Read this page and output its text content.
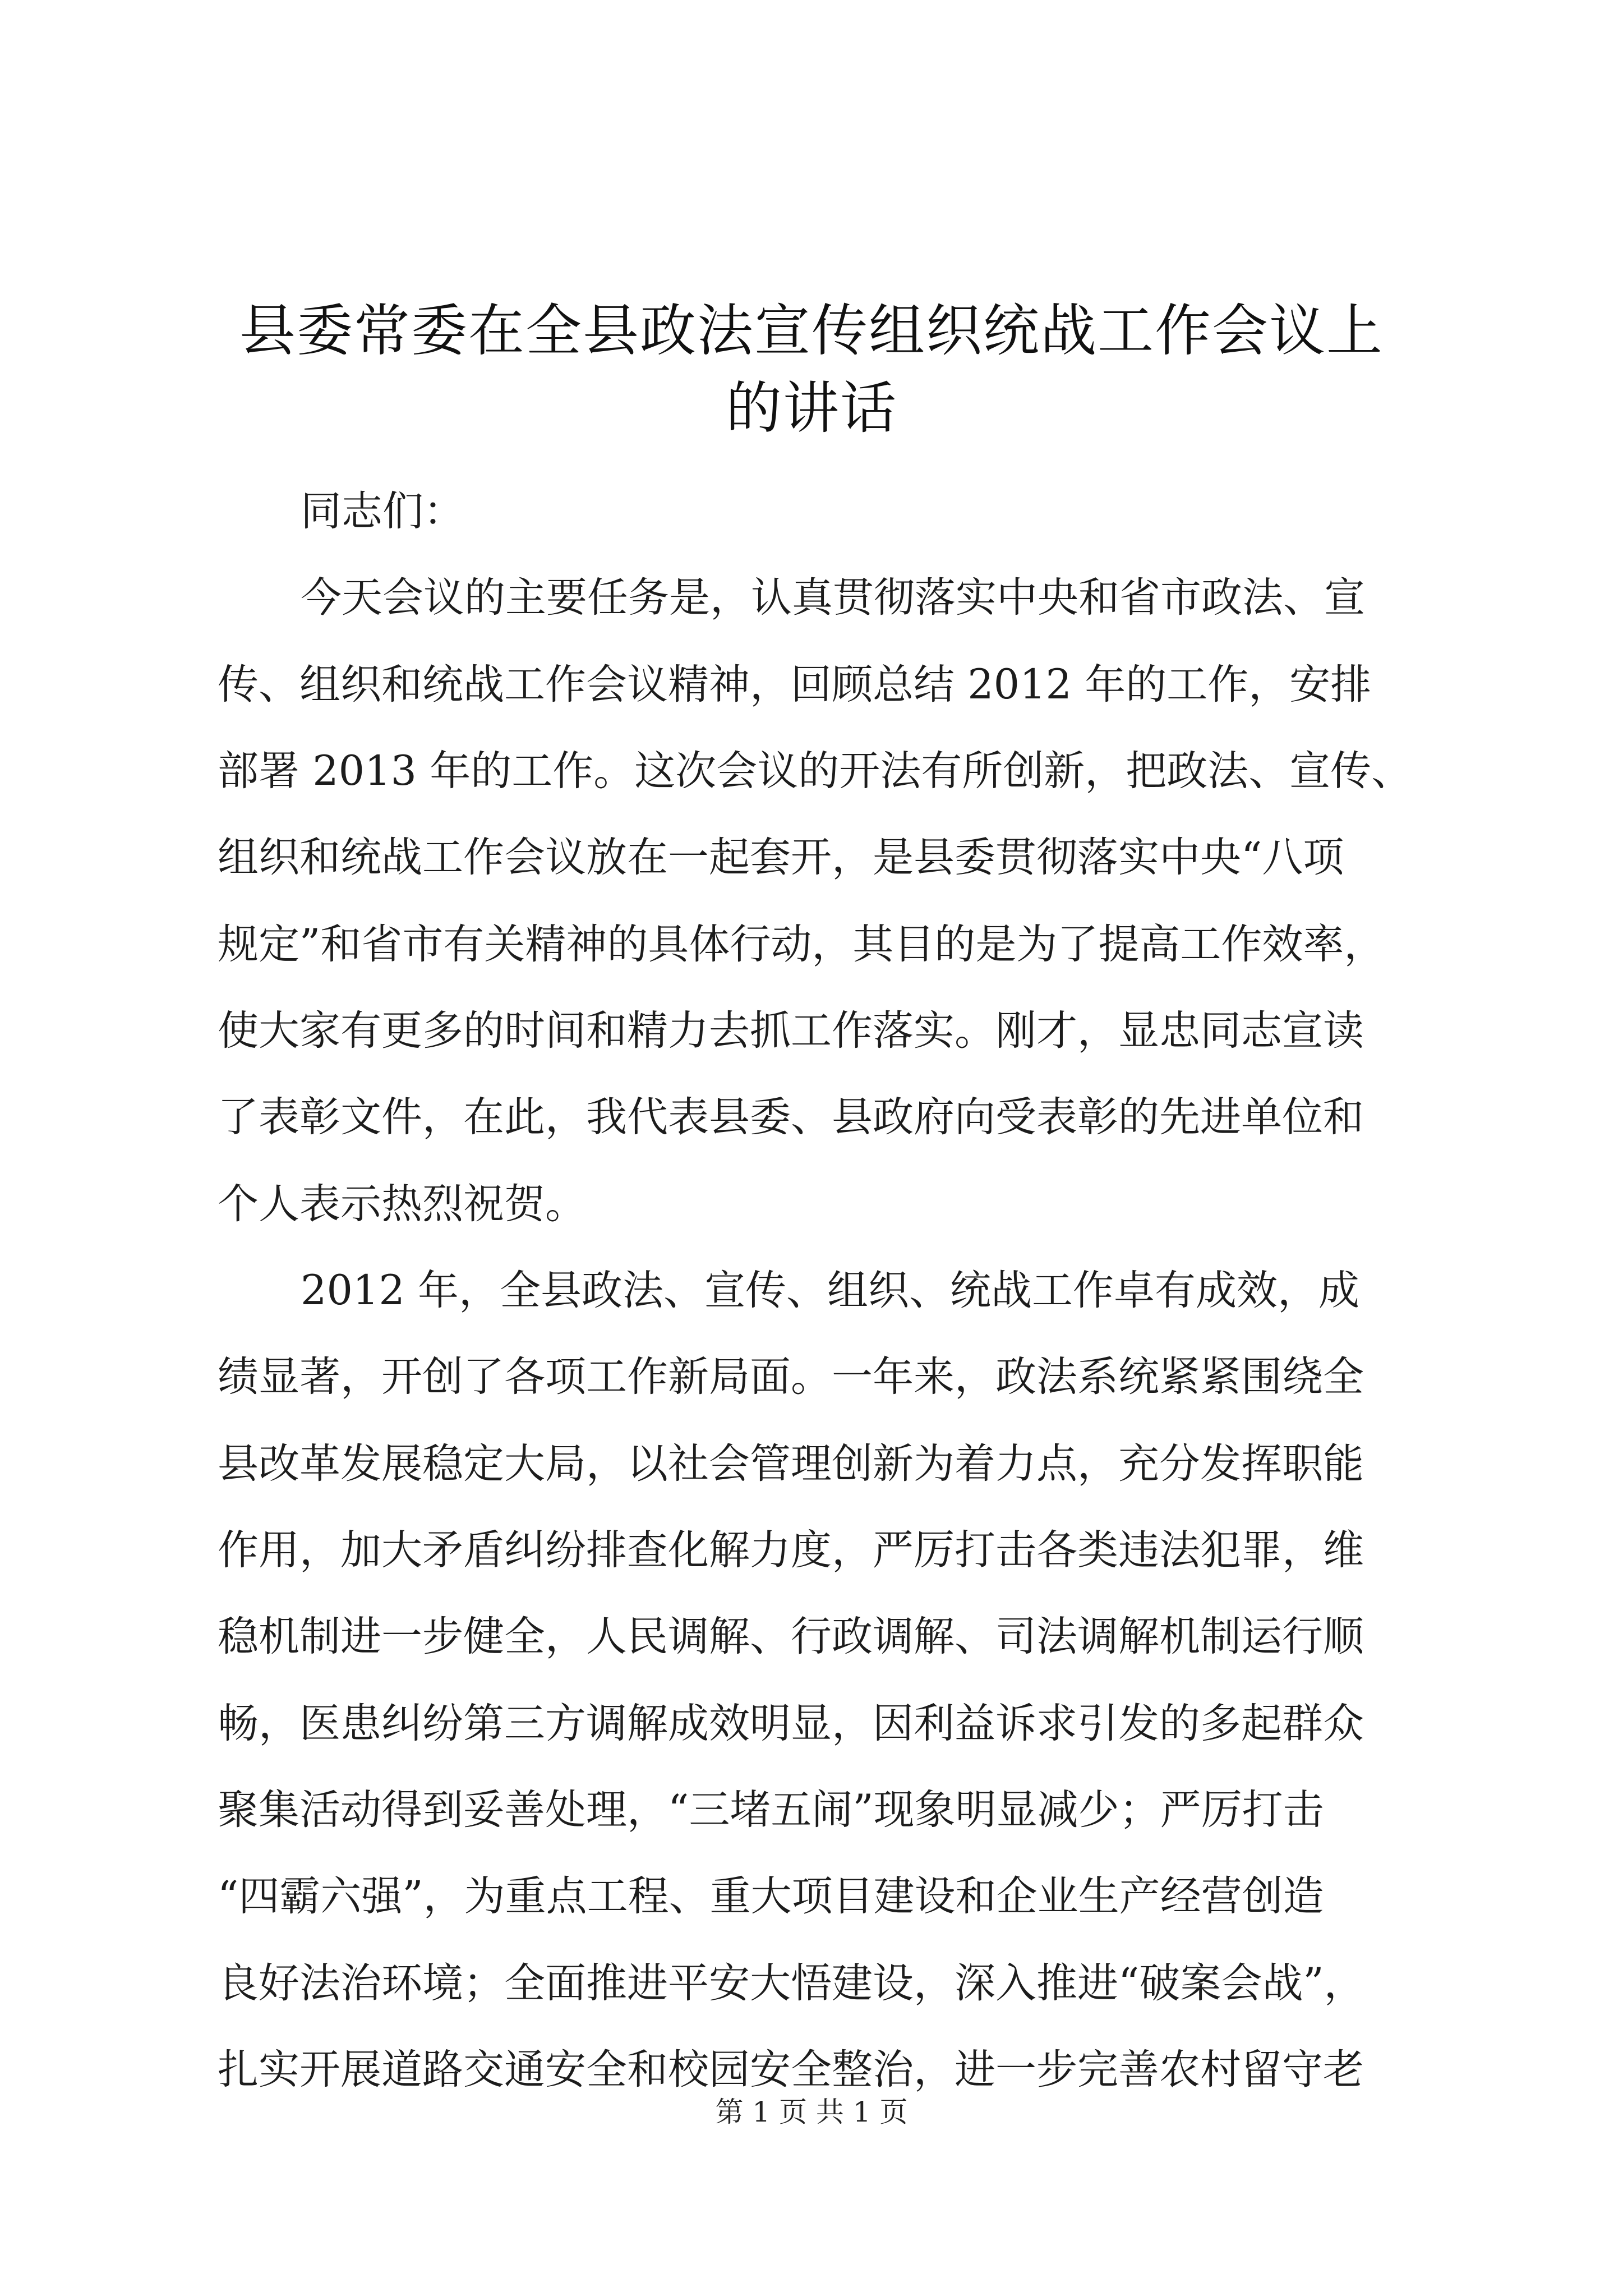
县委常委在全县政法宣传组织统战工作会议上
的讲话
同志们：
今天会议的主要任务是，认真贯彻落实中央和省市政法、宣
传、组织和统战工作会议精神，回顾总结 2012 年的工作，安排
部署 2013 年的工作。这次会议的开法有所创新，把政法、宣传、
组织和统战工作会议放在一起套开，是县委贯彻落实中央“八项
规定”和省市有关精神的具体行动，其目的是为了提高工作效率，
使大家有更多的时间和精力去抓工作落实。刚才，显忠同志宣读
了表彰文件，在此，我代表县委、县政府向受表彰的先进单位和
个人表示热烈祝贺。
2012 年，全县政法、宣传、组织、统战工作卓有成效，成
绩显著，开创了各项工作新局面。一年来，政法系统紧紧围绕全
县改革发展稳定大局，以社会管理创新为着力点，充分发挥职能
作用，加大矛盾纠纷排查化解力度，严厉打击各类违法犯罪，维
稳机制进一步健全，人民调解、行政调解、司法调解机制运行顺
畅，医患纠纷第三方调解成效明显，因利益诉求引发的多起群众
聚集活动得到妥善处理，“三堵五闹”现象明显减少；严厉打击
“四霸六强”，为重点工程、重大项目建设和企业生产经营创造
良好法治环境；全面推进平安大悟建设，深入推进“破案会战”，
扎实开展道路交通安全和校园安全整治，进一步完善农村留守老
第 1 页 共 1 页
